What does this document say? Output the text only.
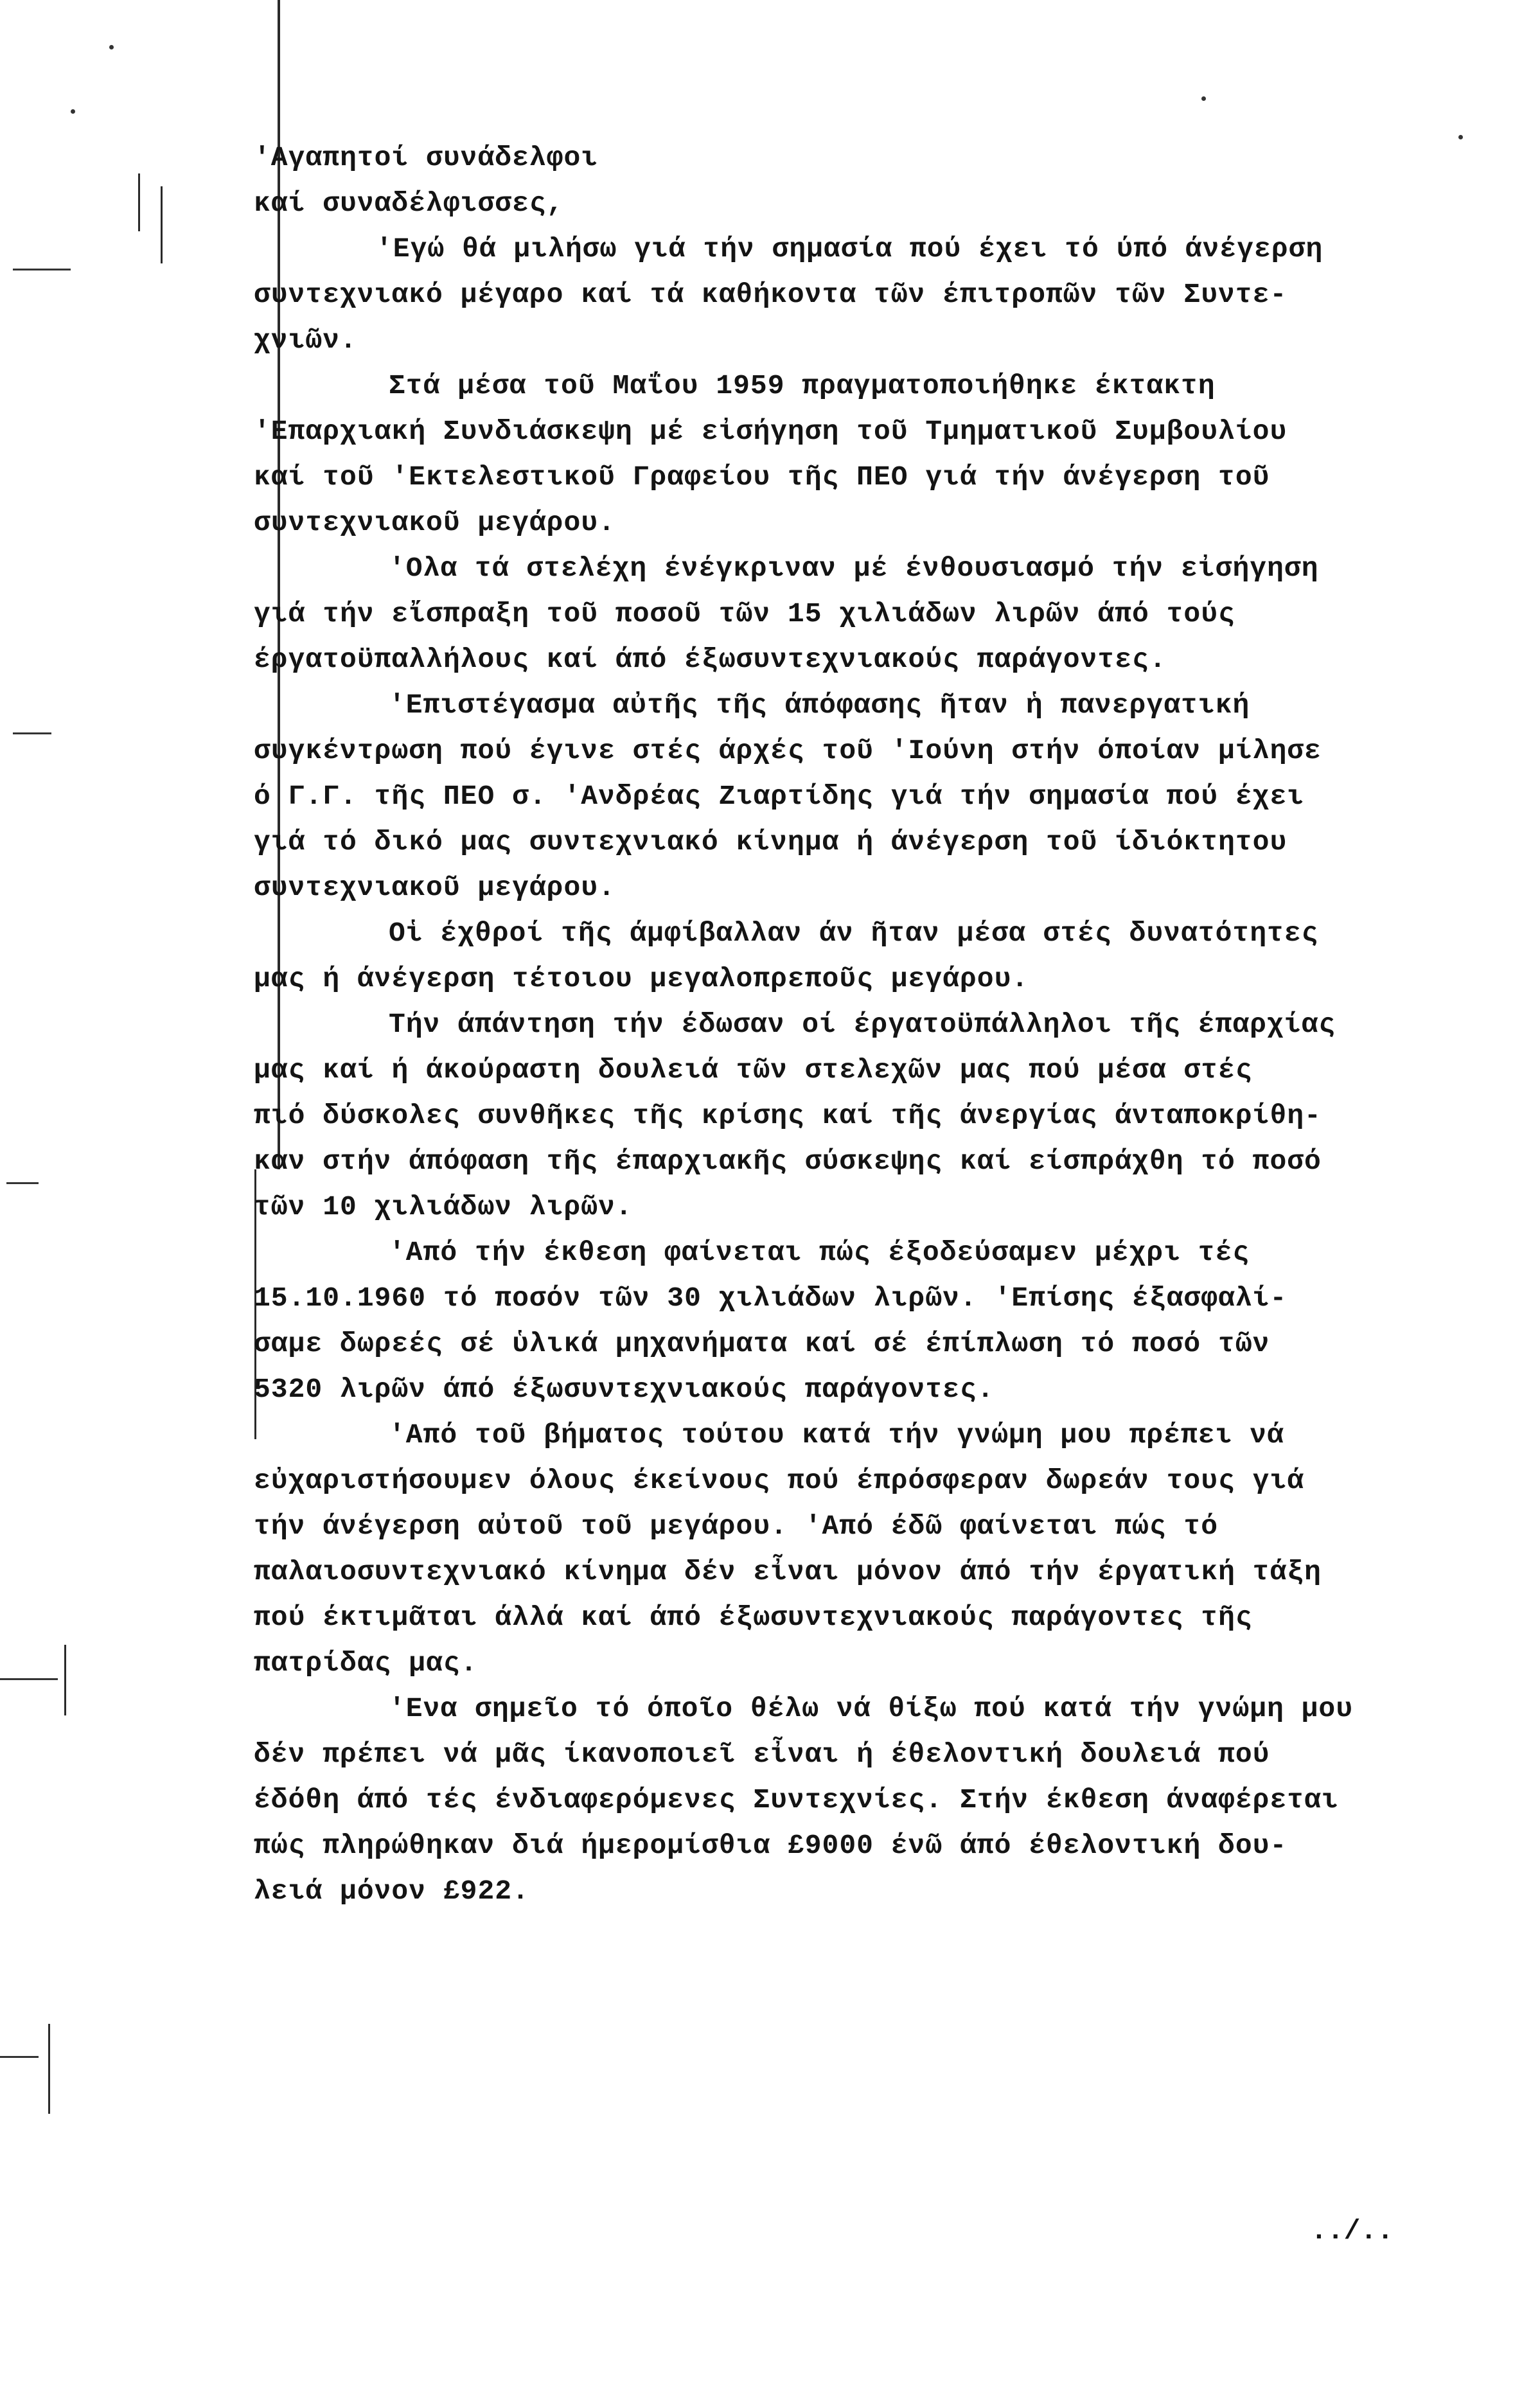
'Αγαπητοί συνάδελφοι
καί συναδέλφισσες,
'Εγώ θά μιλήσω γιά τήν σημασία πού έχει τό ύπό άνέγερση
συντεχνιακό μέγαρο καί τά καθήκοντα τῶν έπιτροπῶν τῶν Συντε-
χνιῶν.
Στά μέσα τοῦ Μαΐου 1959 πραγματοποιήθηκε έκτακτη
'Επαρχιακή Συνδιάσκεψη μέ εἰσήγηση τοῦ Τμηματικοῦ Συμβουλίου
καί τοῦ 'Εκτελεστικοῦ Γραφείου τῆς ΠΕΟ γιά τήν άνέγερση τοῦ
συντεχνιακοῦ μεγάρου.
'Ολα τά στελέχη ένέγκριναν μέ ένθουσιασμό τήν εἰσήγηση
γιά τήν εἴσπραξη τοῦ ποσοῦ τῶν 15 χιλιάδων λιρῶν άπό τούς
έργατοϋπαλλήλους καί άπό έξωσυντεχνιακούς παράγοντες.
'Επιστέγασμα αὐτῆς τῆς άπόφασης ῆταν ἡ πανεργατική
συγκέντρωση πού έγινε στές άρχές τοῦ 'Ιούνη στήν όποίαν μίλησε
ό Γ.Γ. τῆς ΠΕΟ σ. 'Ανδρέας Ζιαρτίδης γιά τήν σημασία πού έχει
γιά τό δικό μας συντεχνιακό κίνημα ή άνέγερση τοῦ ίδιόκτητου
συντεχνιακοῦ μεγάρου.
Οἱ έχθροί τῆς άμφίβαλλαν άν ῆταν μέσα στές δυνατότητες
μας ή άνέγερση τέτοιου μεγαλοπρεποῦς μεγάρου.
Τήν άπάντηση τήν έδωσαν οί έργατοϋπάλληλοι τῆς έπαρχίας
μας καί ή άκούραστη δουλειά τῶν στελεχῶν μας πού μέσα στές
πιό δύσκολες συνθῆκες τῆς κρίσης καί τῆς άνεργίας άνταποκρίθη-
καν στήν άπόφαση τῆς έπαρχιακῆς σύσκεψης καί είσπράχθη τό ποσό
τῶν 10 χιλιάδων λιρῶν.
'Από τήν έκθεση φαίνεται πώς έξοδεύσαμεν μέχρι τές
15.10.1960 τό ποσόν τῶν 30 χιλιάδων λιρῶν. 'Επίσης έξασφαλί-
σαμε δωρεές σέ ὑλικά μηχανήματα καί σέ έπίπλωση τό ποσό τῶν
5320 λιρῶν άπό έξωσυντεχνιακούς παράγοντες.
'Από τοῦ βήματος τούτου κατά τήν γνώμη μου πρέπει νά
εὐχαριστήσουμεν όλους έκείνους πού έπρόσφεραν δωρεάν τους γιά
τήν άνέγερση αὐτοῦ τοῦ μεγάρου. 'Από έδῶ φαίνεται πώς τό
παλαιοσυντεχνιακό κίνημα δέν εἶναι μόνον άπό τήν έργατική τάξη
πού έκτιμᾶται άλλά καί άπό έξωσυντεχνιακούς παράγοντες τῆς
πατρίδας μας.
'Ενα σημεῖο τό όποῖο θέλω νά θίξω πού κατά τήν γνώμη μου
δέν πρέπει νά μᾶς ίκανοποιεῖ εἶναι ή έθελοντική δουλειά πού
έδόθη άπό τές ένδιαφερόμενες Συντεχνίες. Στήν έκθεση άναφέρεται
πώς πληρώθηκαν διά ήμερομίσθια £9000 ένῶ άπό έθελοντική δου-
λειά μόνον £922.
../..
